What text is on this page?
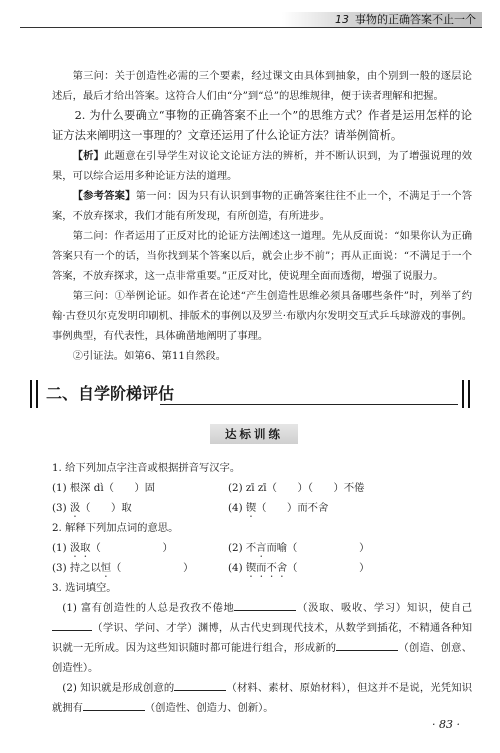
13 事物的正确答案不止一个

第三问：关于创造性必需的三个要素，经过课文由具体到抽象，由个别到一般的逐层论述后，最后才给出答案。这符合人们由“分”到“总”的思维规律，便于读者理解和把握。

2. 为什么要确立“事物的正确答案不止一个”的思维方式？作者是运用怎样的论证方法来阐明这一事理的？文章还运用了什么论证方法？请举例简析。

【析】此题意在引导学生对议论文论证方法的辨析，并不断认识到，为了增强说理的效果，可以综合运用多种论证方法的道理。

【参考答案】第一问：因为只有认识到事物的正确答案往往不止一个，不满足于一个答案，不放弃探求，我们才能有所发现，有所创造，有所进步。

第二问：作者运用了正反对比的论证方法阐述这一道理。先从反面说：“如果你认为正确答案只有一个的话，当你找到某个答案以后，就会止步不前”；再从正面说：“不满足于一个答案，不放弃探求，这一点非常重要。”正反对比，使说理全面而透彻，增强了说服力。

第三问：①举例论证。如作者在论述“产生创造性思维必须具备哪些条件”时，列举了约翰·古登贝尔克发明印刷机、排版术的事例以及罗兰·布歇内尔发明交互式乒乓球游戏的事例。事例典型，有代表性，具体确凿地阐明了事理。

②引证法。如第6、第11自然段。

二、自学阶梯评估
达标训练
1. 给下列加点字注音或根据拼音写汉字。
(1) 根深 dì（　　）固	(2) zī zī（　　）（　　）不倦
(3) 汲（　　）取	(4) 锲（　　）而不舍
2. 解释下列加点词的意思。
(1) 汲取（　　　　　　）	(2) 不言而喻（　　　　　　）
(3) 持之以恒（　　　　　　）	(4) 锲而不舍（　　　　　　）
3. 选词填空。

(1) 富有创造性的人总是孜孜不倦地	（汲取、吸收、学习）知识，使自己（学识、学问、才学）渊博，从古代史到现代技术，从数学到插花，不精通各种知识就一无所成。因为这些知识随时都可能进行组合，形成新的	（创造、创意、创造性）。

(2) 知识就是形成创意的	（材料、素材、原始材料），但这并不是说，光凭知识就拥有	（创造性、创造力、创新）。

· 83 ·
